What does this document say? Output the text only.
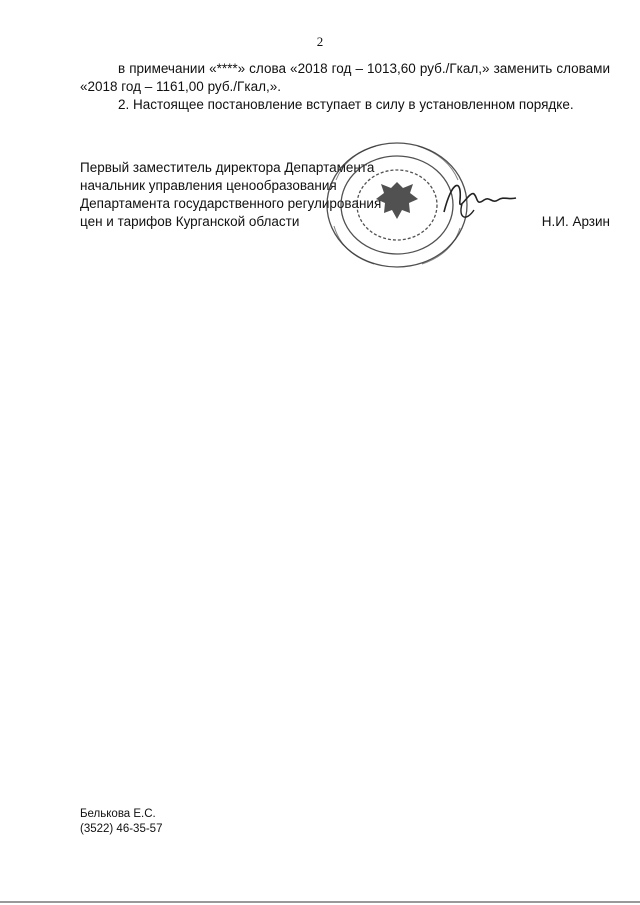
2

в примечании «****» слова «2018 год – 1013,60 руб./Гкал,» заменить словами «2018 год – 1161,00 руб./Гкал,».

2. Настоящее постановление вступает в силу в установленном порядке.

Первый заместитель директора Департамента
начальник управления ценообразования
Департамента государственного регулирования
цен и тарифов Курганской области	Н.И. Арзин
Белькова Е.С.
(3522) 46-35-57
